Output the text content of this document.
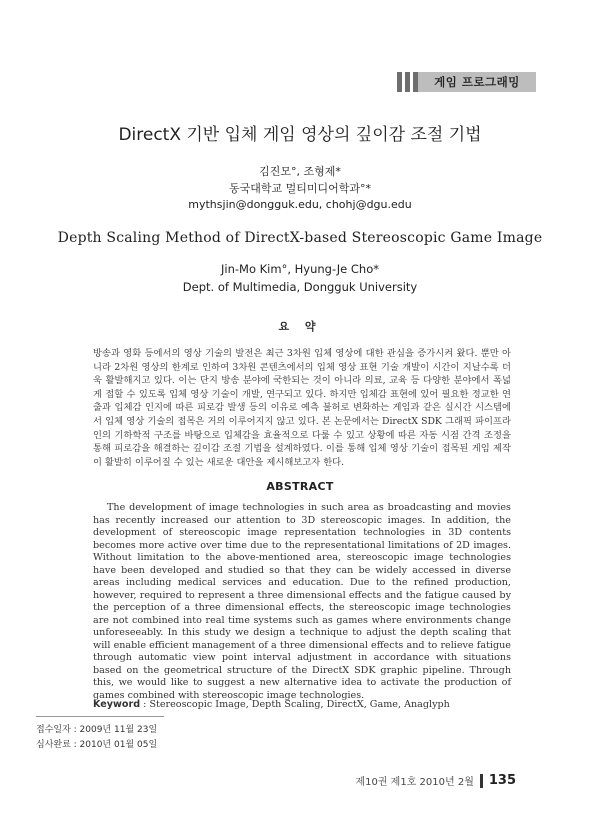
게임 프로그래밍
DirectX 기반 입체 게임 영상의 깊이감 조절 기법
김진모°, 조형제*
동국대학교 멀티미디어학과°*
mythsjin@dongguk.edu, chohj@dgu.edu
Depth Scaling Method of DirectX-based Stereoscopic Game Image
Jin-Mo Kim°, Hyung-Je Cho*
Dept. of Multimedia, Dongguk University
요 약
방송과 영화 등에서의 영상 기술의 발전은 최근 3차원 입체 영상에 대한 관심을 증가시켜 왔다. 뿐만 아니라 2차원 영상의 한계로 인하여 3차원 콘텐츠에서의 입체 영상 표현 기술 개발이 시간이 지날수록 더욱 활발해지고 있다. 이는 단지 방송 분야에 국한되는 것이 아니라 의료, 교육 등 다양한 분야에서 폭넓게 접할 수 있도록 입체 영상 기술이 개발, 연구되고 있다. 하지만 입체감 표현에 있어 필요한 정교한 연출과 입체감 인지에 따른 피로감 발생 등의 이유로 예측 불허로 변화하는 게임과 같은 실시간 시스템에서 입체 영상 기술의 접목은 거의 이루어지지 않고 있다. 본 논문에서는 DirectX SDK 그래픽 파이프라인의 기하학적 구조를 바탕으로 입체감을 효율적으로 다룰 수 있고 상황에 따른 자동 시점 간격 조정을 통해 피로감을 해결하는 깊이감 조절 기법을 설계하였다. 이를 통해 입체 영상 기술이 접목된 게임 제작이 활발히 이루어질 수 있는 새로운 대안을 제시해보고자 한다.
ABSTRACT
The development of image technologies in such area as broadcasting and movies has recently increased our attention to 3D stereoscopic images. In addition, the development of stereoscopic image representation technologies in 3D contents becomes more active over time due to the representational limitations of 2D images. Without limitation to the above-mentioned area, stereoscopic image technologies have been developed and studied so that they can be widely accessed in diverse areas including medical services and education. Due to the refined production, however, required to represent a three dimensional effects and the fatigue caused by the perception of a three dimensional effects, the stereoscopic image technologies are not combined into real time systems such as games where environments change unforeseeably. In this study we design a technique to adjust the depth scaling that will enable efficient management of a three dimensional effects and to relieve fatigue through automatic view point interval adjustment in accordance with situations based on the geometrical structure of the DirectX SDK graphic pipeline. Through this, we would like to suggest a new alternative idea to activate the production of games combined with stereoscopic image technologies.
Keyword : Stereoscopic Image, Depth Scaling, DirectX, Game, Anaglyph
접수일자 : 2009년 11월 23일
심사완료 : 2010년 01월 05일
제10권 제1호 2010년 2월 135
